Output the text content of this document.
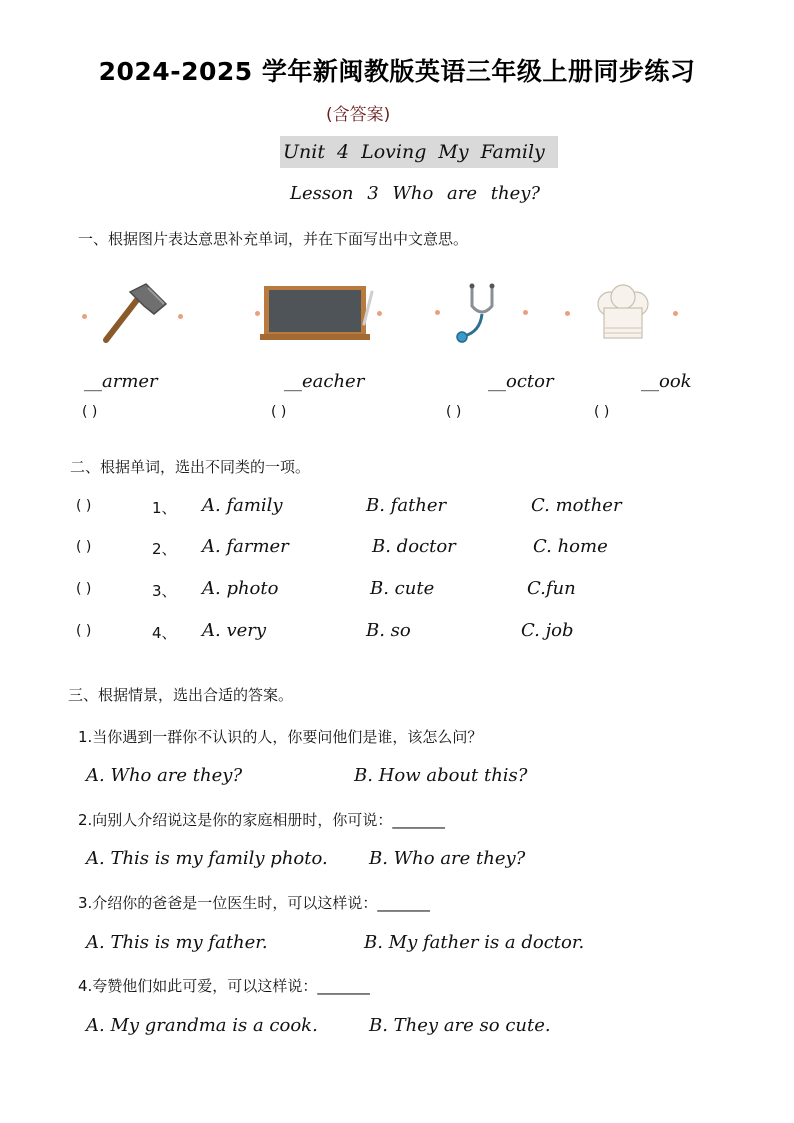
2024-2025 学年新闽教版英语三年级上册同步练习
(含答案)
Unit 4 Loving My Family
Lesson 3 Who are they?
一、根据图片表达意思补充单词，并在下面写出中文意思。
__armer	__eacher	__octor	__ook
( )	( )	( )	( )
二、根据单词，选出不同类的一项。
( )	1、 A. family	B. father	C. mother
( )	2、 A. farmer	B. doctor	C. home
( )	3、 A. photo	B. cute	C.fun
( )	4、 A. very	B. so	C. job
三、根据情景，选出合适的答案。
1.当你遇到一群你不认识的人，你要问他们是谁，该怎么问？
A. Who are they?	B. How about this?
2.向别人介绍说这是你的家庭相册时，你可说：_______
A. This is my family photo. B. Who are they?
3.介绍你的爸爸是一位医生时，可以这样说：_______
A. This is my father.	B. My father is a doctor.
4.夸赞他们如此可爱，可以这样说：_______
A. My grandma is a cook.	B. They are so cute.
